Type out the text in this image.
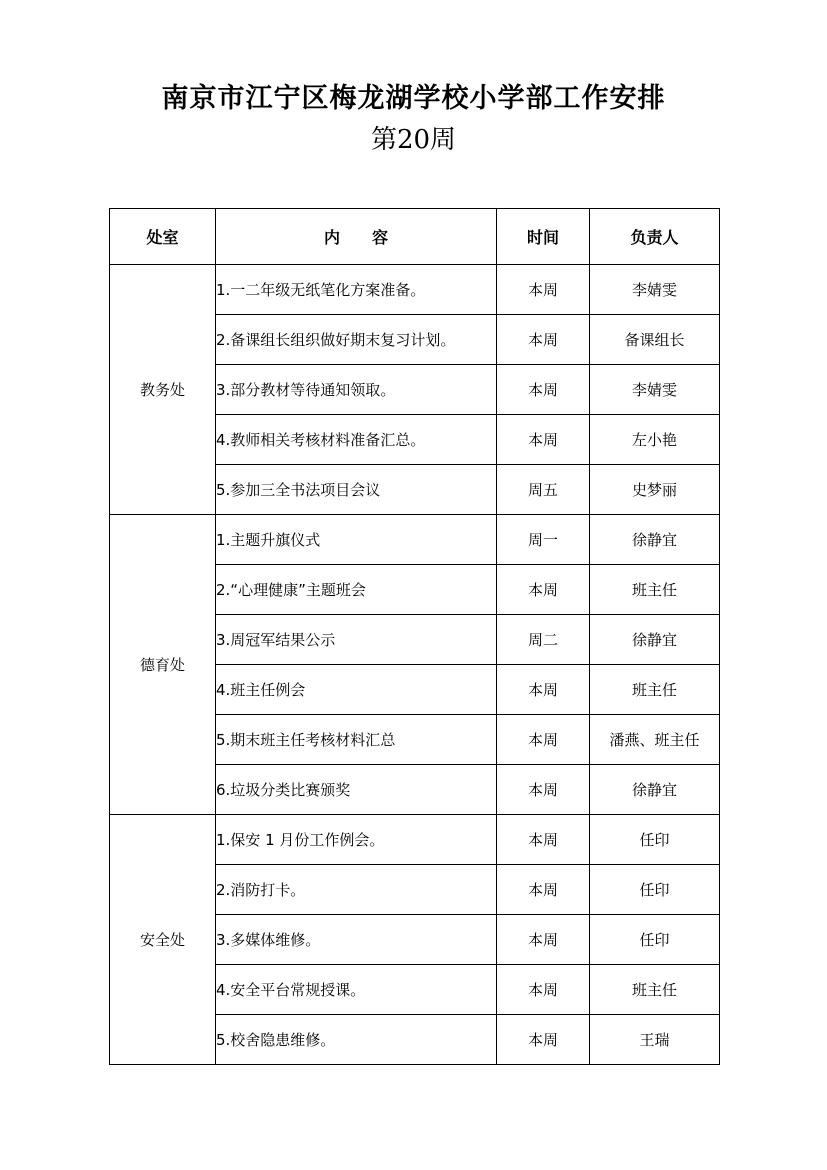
南京市江宁区梅龙湖学校小学部工作安排
第20周
处室	内　　容	时间	负责人
教务处	1.一二年级无纸笔化方案准备。	本周	李婧雯
	2.备课组长组织做好期末复习计划。	本周	备课组长
	3.部分教材等待通知领取。	本周	李婧雯
	4.教师相关考核材料准备汇总。	本周	左小艳
	5.参加三全书法项目会议	周五	史梦丽
德育处	1.主题升旗仪式	周一	徐静宜
	2.“心理健康”主题班会	本周	班主任
	3.周冠军结果公示	周二	徐静宜
	4.班主任例会	本周	班主任
	5.期末班主任考核材料汇总	本周	潘燕、班主任
	6.垃圾分类比赛颁奖	本周	徐静宜
安全处	1.保安 1 月份工作例会。	本周	任印
	2.消防打卡。	本周	任印
	3.多媒体维修。	本周	任印
	4.安全平台常规授课。	本周	班主任
	5.校舍隐患维修。	本周	王瑞
